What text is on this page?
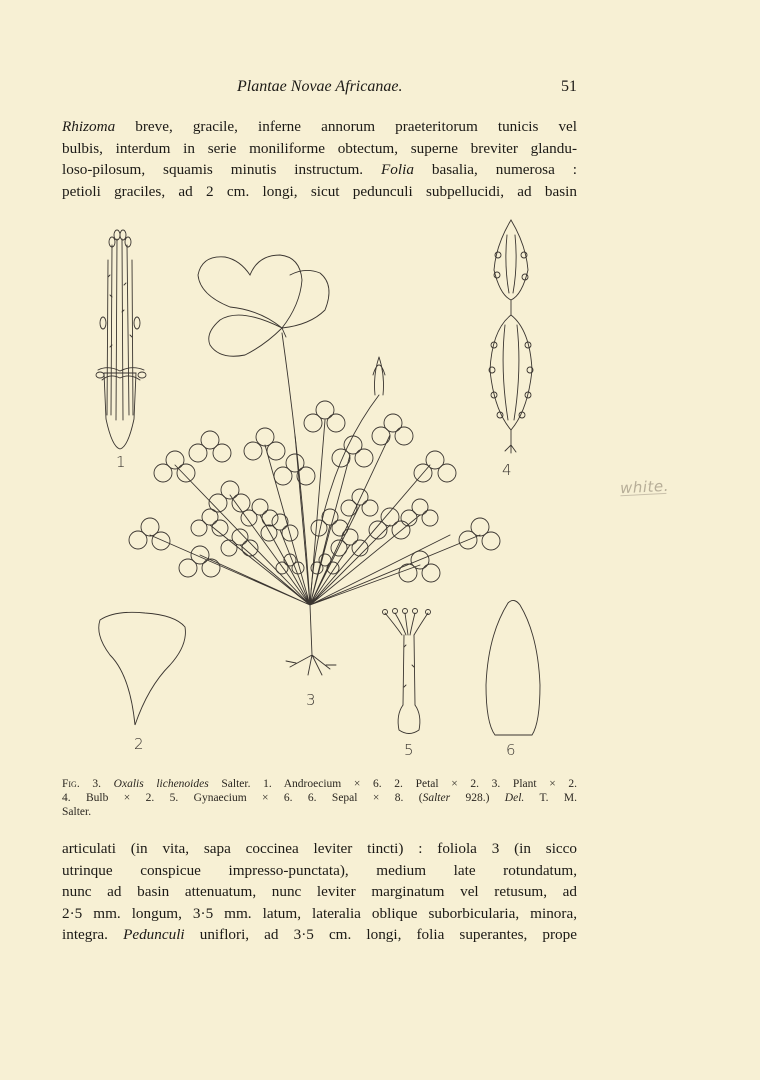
Plantae Novae Africanae.	51
Rhizoma breve, gracile, inferne annorum praeteritorum tunicis vel
bulbis, interdum in serie moniliforme obtectum, superne breviter glandu-
loso-pilosum, squamis minutis instructum. Folia basalia, numerosa :
petioli graciles, ad 2 cm. longi, sicut pedunculi subpellucidi, ad basin
1
2
3
4
5	6
Fig. 3. Oxalis lichenoides Salter. 1. Androecium × 6. 2. Petal × 2. 3. Plant × 2.
4. Bulb × 2. 5. Gynaecium × 6. 6. Sepal × 8. (Salter 928.) Del. T. M.
Salter.
articulati (in vita, sapa coccinea leviter tincti) : foliola 3 (in sicco
utrinque conspicue impresso-punctata), medium late rotundatum,
nunc ad basin attenuatum, nunc leviter marginatum vel retusum, ad
2·5 mm. longum, 3·5 mm. latum, lateralia oblique suborbicularia, minora,
integra. Pedunculi uniflori, ad 3·5 cm. longi, folia superantes, prope
white.
